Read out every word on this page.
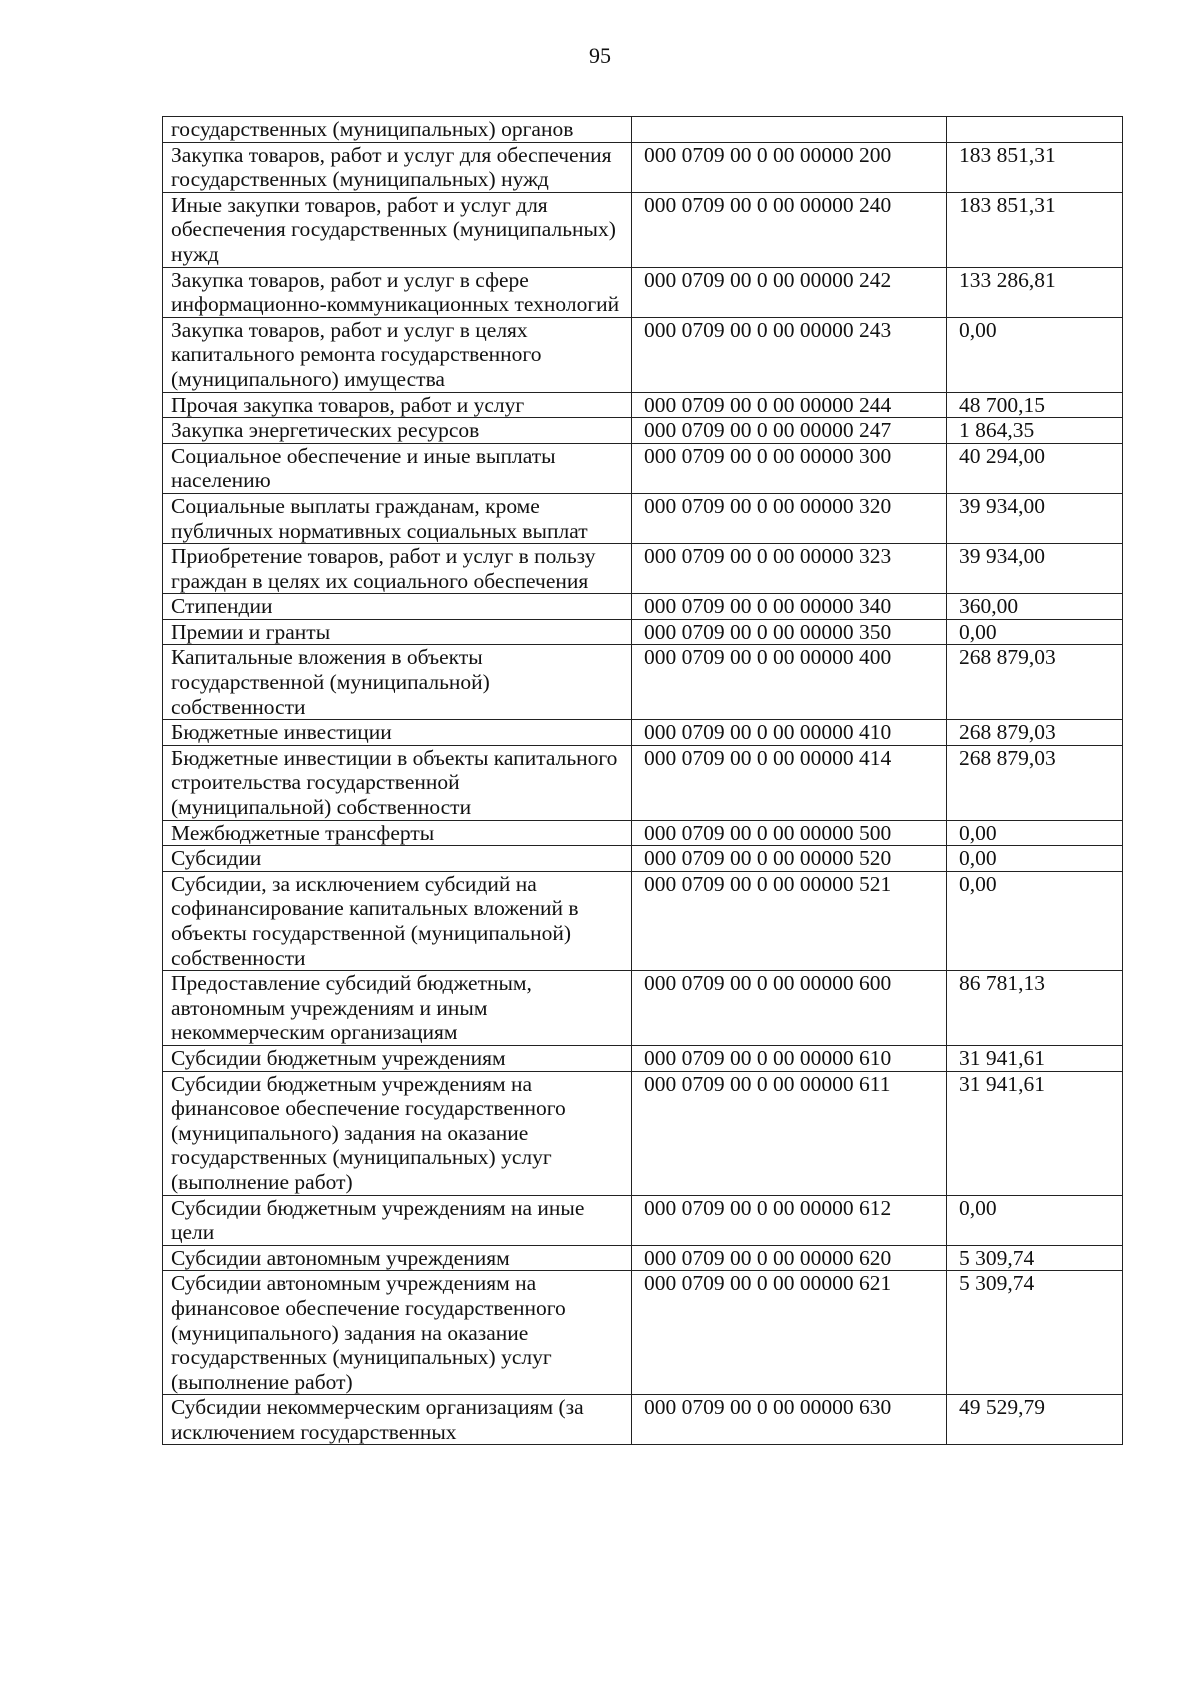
95
государственных (муниципальных) органов		
Закупка товаров, работ и услуг для обеспечения государственных (муниципальных) нужд	000 0709 00 0 00 00000 200	183 851,31
Иные закупки товаров, работ и услуг для обеспечения государственных (муниципальных) нужд	000 0709 00 0 00 00000 240	183 851,31
Закупка товаров, работ и услуг в сфере информационно-коммуникационных технологий	000 0709 00 0 00 00000 242	133 286,81
Закупка товаров, работ и услуг в целях капитального ремонта государственного (муниципального) имущества	000 0709 00 0 00 00000 243	0,00
Прочая закупка товаров, работ и услуг	000 0709 00 0 00 00000 244	48 700,15
Закупка энергетических ресурсов	000 0709 00 0 00 00000 247	1 864,35
Социальное обеспечение и иные выплаты населению	000 0709 00 0 00 00000 300	40 294,00
Социальные выплаты гражданам, кроме публичных нормативных социальных выплат	000 0709 00 0 00 00000 320	39 934,00
Приобретение товаров, работ и услуг в пользу граждан в целях их социального обеспечения	000 0709 00 0 00 00000 323	39 934,00
Стипендии	000 0709 00 0 00 00000 340	360,00
Премии и гранты	000 0709 00 0 00 00000 350	0,00
Капитальные вложения в объекты государственной (муниципальной) собственности	000 0709 00 0 00 00000 400	268 879,03
Бюджетные инвестиции	000 0709 00 0 00 00000 410	268 879,03
Бюджетные инвестиции в объекты капитального строительства государственной (муниципальной) собственности	000 0709 00 0 00 00000 414	268 879,03
Межбюджетные трансферты	000 0709 00 0 00 00000 500	0,00
Субсидии	000 0709 00 0 00 00000 520	0,00
Субсидии, за исключением субсидий на софинансирование капитальных вложений в объекты государственной (муниципальной) собственности	000 0709 00 0 00 00000 521	0,00
Предоставление субсидий бюджетным, автономным учреждениям и иным некоммерческим организациям	000 0709 00 0 00 00000 600	86 781,13
Субсидии бюджетным учреждениям	000 0709 00 0 00 00000 610	31 941,61
Субсидии бюджетным учреждениям на финансовое обеспечение государственного (муниципального) задания на оказание государственных (муниципальных) услуг (выполнение работ)	000 0709 00 0 00 00000 611	31 941,61
Субсидии бюджетным учреждениям на иные цели	000 0709 00 0 00 00000 612	0,00
Субсидии автономным учреждениям	000 0709 00 0 00 00000 620	5 309,74
Субсидии автономным учреждениям на финансовое обеспечение государственного (муниципального) задания на оказание государственных (муниципальных) услуг (выполнение работ)	000 0709 00 0 00 00000 621	5 309,74
Субсидии некоммерческим организациям (за исключением государственных	000 0709 00 0 00 00000 630	49 529,79
